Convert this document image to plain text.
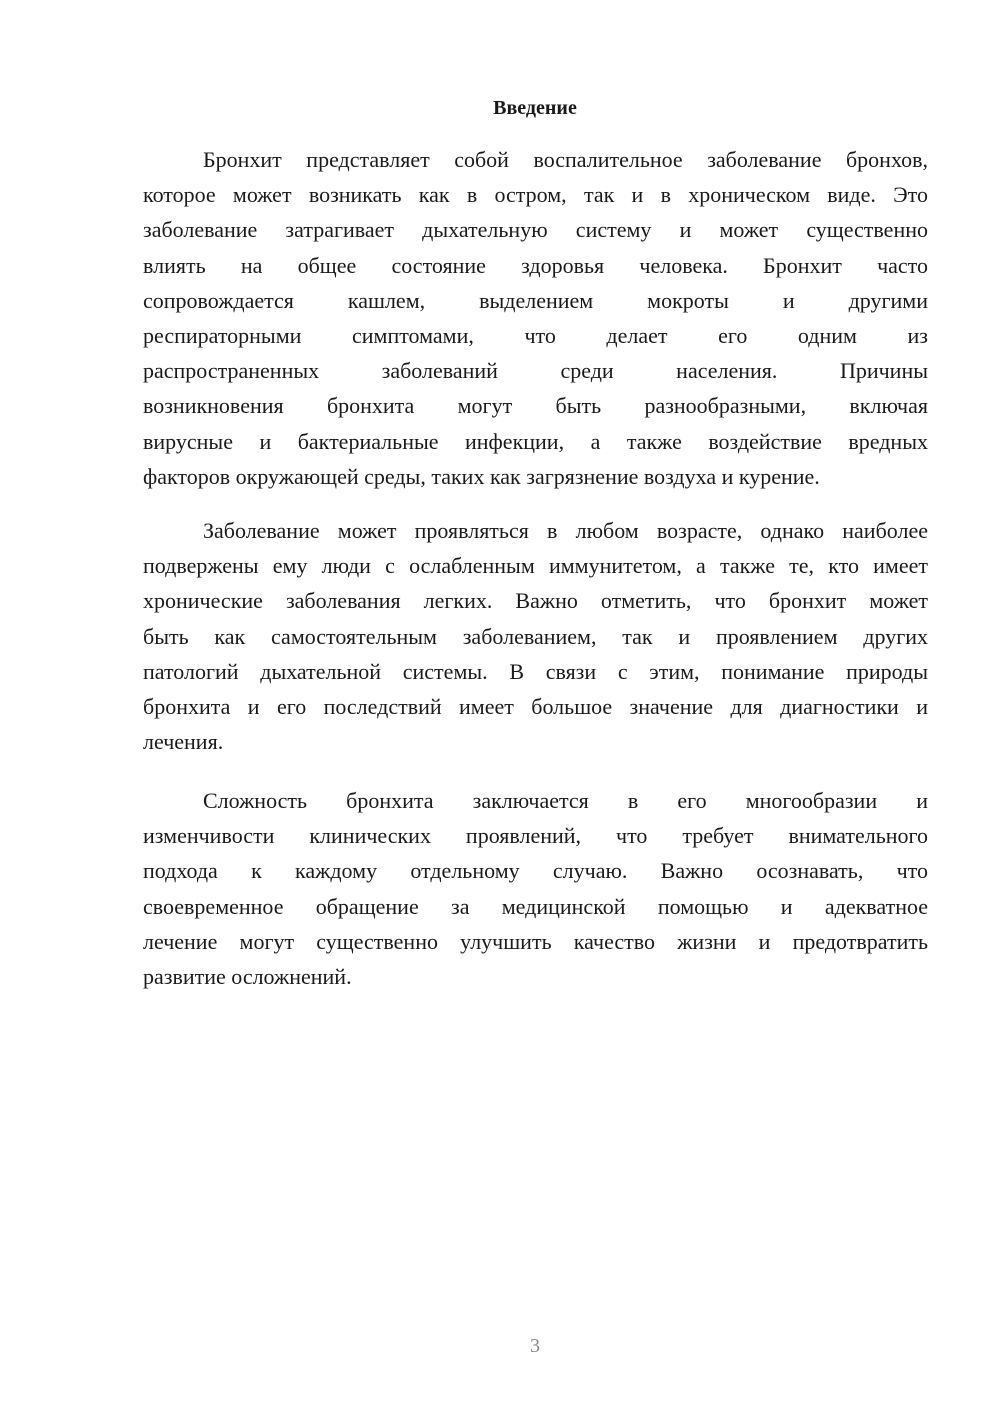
Введение
Бронхит представляет собой воспалительное заболевание бронхов,
которое может возникать как в остром, так и в хроническом виде. Это
заболевание затрагивает дыхательную систему и может существенно
влиять на общее состояние здоровья человека. Бронхит часто
сопровождается кашлем, выделением мокроты и другими
респираторными симптомами, что делает его одним из
распространенных заболеваний среди населения. Причины
возникновения бронхита могут быть разнообразными, включая
вирусные и бактериальные инфекции, а также воздействие вредных
факторов окружающей среды, таких как загрязнение воздуха и курение.
Заболевание может проявляться в любом возрасте, однако наиболее
подвержены ему люди с ослабленным иммунитетом, а также те, кто имеет
хронические заболевания легких. Важно отметить, что бронхит может
быть как самостоятельным заболеванием, так и проявлением других
патологий дыхательной системы. В связи с этим, понимание природы
бронхита и его последствий имеет большое значение для диагностики и
лечения.
Сложность бронхита заключается в его многообразии и
изменчивости клинических проявлений, что требует внимательного
подхода к каждому отдельному случаю. Важно осознавать, что
своевременное обращение за медицинской помощью и адекватное
лечение могут существенно улучшить качество жизни и предотвратить
развитие осложнений.
3
